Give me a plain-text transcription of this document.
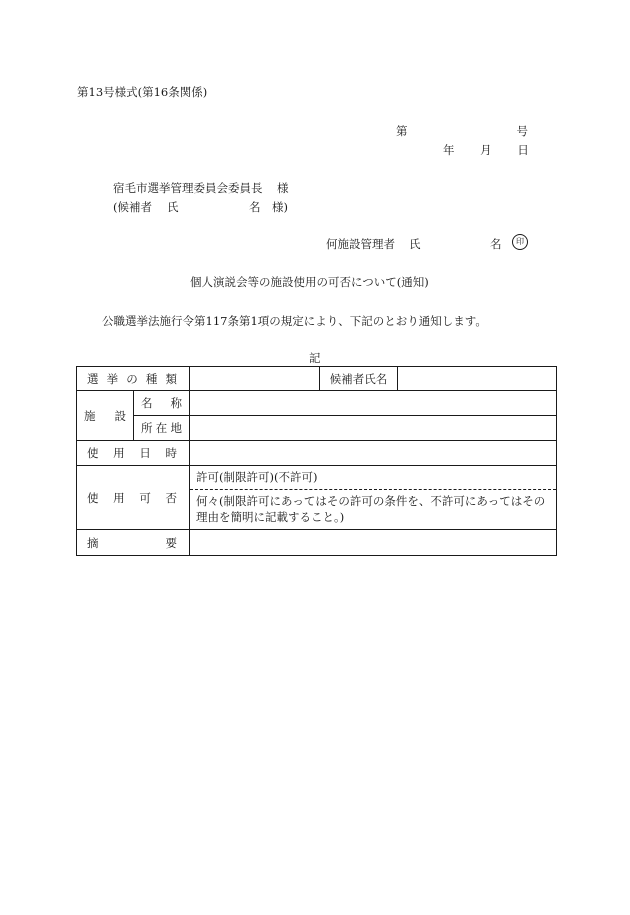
第13号様式(第16条関係)
第	号
年 月 日
宿毛市選挙管理委員会委員長 様
(候補者 氏	名 様)
何施設管理者 氏	名	印
個人演説会等の施設使用の可否について(通知)
公職選挙法施行令第117条第1項の規定により、下記のとおり通知します。
記
選挙の種類			候補者氏名	
施設	名称			
	所在地			
使用日時				
使用可否		許可(制限許可)(不許可)
何々(制限許可にあってはその許可の条件を、不許可にあってはその理由を簡明に記載すること。)		

摘要				
